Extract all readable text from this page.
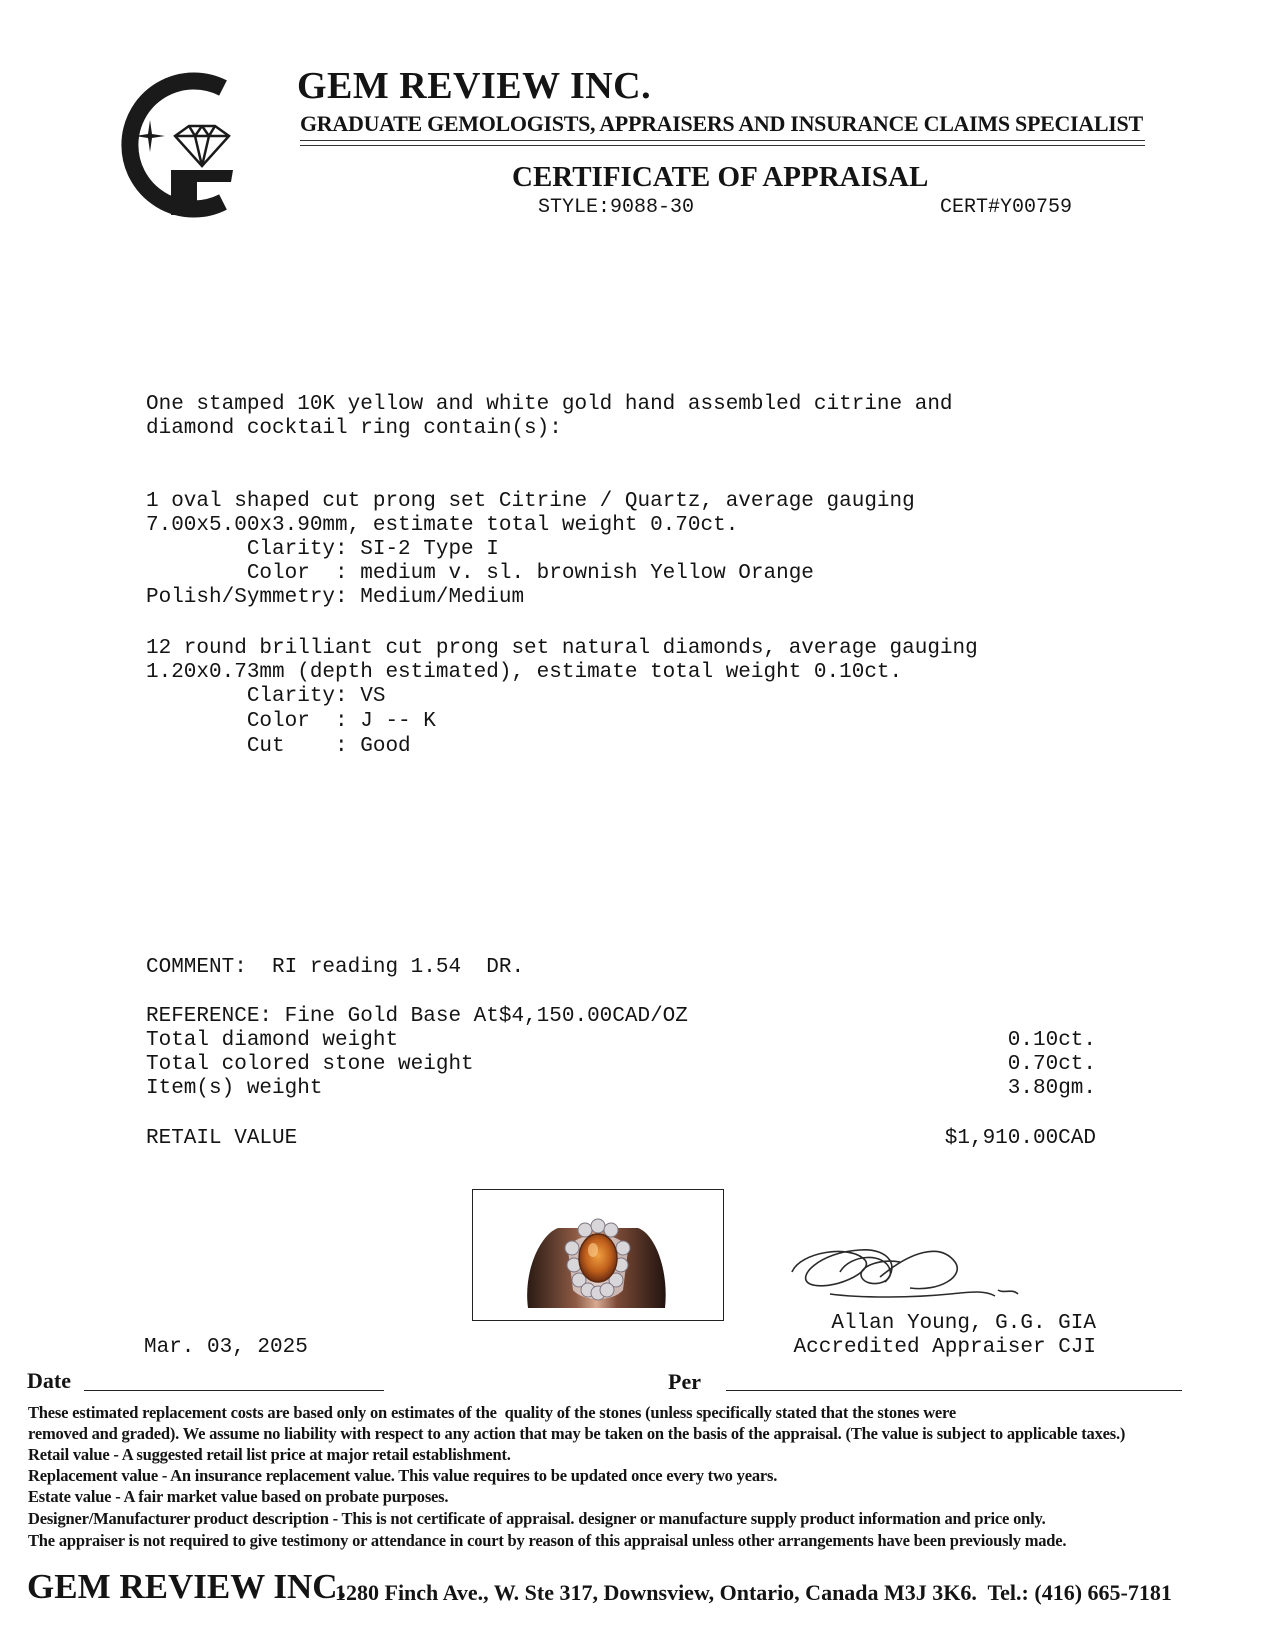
GEM REVIEW INC.
GRADUATE GEMOLOGISTS, APPRAISERS AND INSURANCE CLAIMS SPECIALIST
CERTIFICATE OF APPRAISAL
STYLE:9088-30	CERT#Y00759
One stamped 10K yellow and white gold hand assembled citrine and
diamond cocktail ring contain(s):
1 oval shaped cut prong set Citrine / Quartz, average gauging
7.00x5.00x3.90mm, estimate total weight 0.70ct.
Clarity: SI-2 Type I
Color  : medium v. sl. brownish Yellow Orange
Polish/Symmetry: Medium/Medium
12 round brilliant cut prong set natural diamonds, average gauging
1.20x0.73mm (depth estimated), estimate total weight 0.10ct.
Clarity: VS
Color  : J -- K
Cut    : Good
COMMENT:  RI reading 1.54  DR.
REFERENCE: Fine Gold Base At$4,150.00CAD/OZ
Total diamond weight	0.10ct.
Total colored stone weight	0.70ct.
Item(s) weight	3.80gm.
RETAIL VALUE	$1,910.00CAD
Allan Young, G.G. GIA
Accredited Appraiser CJI
Mar. 03, 2025
Date	Per
These estimated replacement costs are based only on estimates of the  quality of the stones (unless specifically stated that the stones were
removed and graded). We assume no liability with respect to any action that may be taken on the basis of the appraisal. (The value is subject to applicable taxes.)
Retail value - A suggested retail list price at major retail establishment.
Replacement value - An insurance replacement value. This value requires to be updated once every two years.
Estate value - A fair market value based on probate purposes.
Designer/Manufacturer product description - This is not certificate of appraisal. designer or manufacture supply product information and price only.
The appraiser is not required to give testimony or attendance in court by reason of this appraisal unless other arrangements have been previously made.
GEM REVIEW INC.
1280 Finch Ave., W. Ste 317, Downsview, Ontario, Canada M3J 3K6.  Tel.: (416) 665-7181
